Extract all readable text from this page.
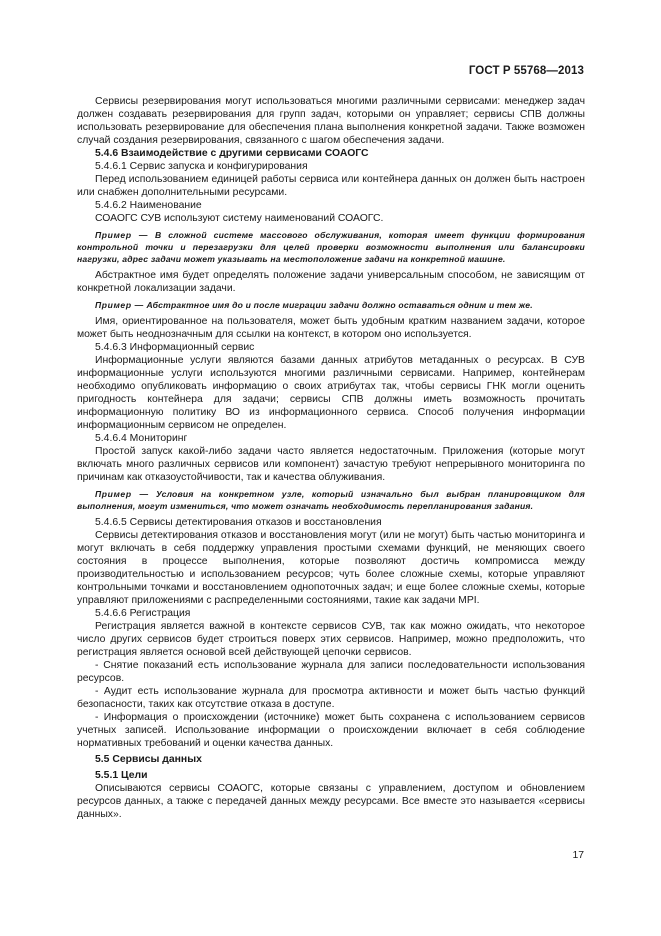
ГОСТ Р 55768—2013

Сервисы резервирования могут использоваться многими различными сервисами: менеджер задач должен создавать резервирования для групп задач, которыми он управляет; сервисы СПВ должны использовать резервирование для обеспечения плана выполнения конкретной задачи. Также возможен случай создания резервирования, связанного с шагом обеспечения задачи.

5.4.6 Взаимодействие с другими сервисами СОАОГС

5.4.6.1 Сервис запуска и конфигурирования

Перед использованием единицей работы сервиса или контейнера данных он должен быть настроен или снабжен дополнительными ресурсами.

5.4.6.2 Наименование

СОАОГС СУВ используют систему наименований СОАОГС.

Пример — В сложной системе массового обслуживания, которая имеет функции формирования контрольной точки и перезагрузки для целей проверки возможности выполнения или балансировки нагрузки, адрес задачи может указывать на местоположение задачи на конкретной машине.

Абстрактное имя будет определять положение задачи универсальным способом, не зависящим от конкретной локализации задачи.

Пример — Абстрактное имя до и после миграции задачи должно оставаться одним и тем же.

Имя, ориентированное на пользователя, может быть удобным кратким названием задачи, которое может быть неоднозначным для ссылки на контекст, в котором оно используется.

5.4.6.3 Информационный сервис

Информационные услуги являются базами данных атрибутов метаданных о ресурсах. В СУВ информационные услуги используются многими различными сервисами. Например, контейнерам необходимо опубликовать информацию о своих атрибутах так, чтобы сервисы ГНК могли оценить пригодность контейнера для задачи; сервисы СПВ должны иметь возможность прочитать информационную политику ВО из информационного сервиса. Способ получения информации информационным сервисом не определен.

5.4.6.4 Мониторинг

Простой запуск какой-либо задачи часто является недостаточным. Приложения (которые могут включать много различных сервисов или компонент) зачастую требуют непрерывного мониторинга по причинам как отказоустойчивости, так и качества облуживания.

Пример — Условия на конкретном узле, который изначально был выбран планировщиком для выполнения, могут измениться, что может означать необходимость перепланирования задания.

5.4.6.5 Сервисы детектирования отказов и восстановления

Сервисы детектирования отказов и восстановления могут (или не могут) быть частью мониторинга и могут включать в себя поддержку управления простыми схемами функций, не меняющих своего состояния в процессе выполнения, которые позволяют достичь компромисса между производительностью и использованием ресурсов; чуть более сложные схемы, которые управляют контрольными точками и восстановлением однопоточных задач; и еще более сложные схемы, которые управляют приложениями с распределенными состояниями, такие как задачи MPI.

5.4.6.6 Регистрация

Регистрация является важной в контексте сервисов СУВ, так как можно ожидать, что некоторое число других сервисов будет строиться поверх этих сервисов. Например, можно предположить, что регистрация является основой всей действующей цепочки сервисов.

- Снятие показаний есть использование журнала для записи последовательности использования ресурсов.

- Аудит есть использование журнала для просмотра активности и может быть частью функций безопасности, таких как отсутствие отказа в доступе.

- Информация о происхождении (источнике) может быть сохранена с использованием сервисов учетных записей. Использование информации о происхождении включает в себя соблюдение нормативных требований и оценки качества данных.

5.5 Сервисы данных

5.5.1 Цели

Описываются сервисы СОАОГС, которые связаны с управлением, доступом и обновлением ресурсов данных, а также с передачей данных между ресурсами. Все вместе это называется «сервисы данных».

17
